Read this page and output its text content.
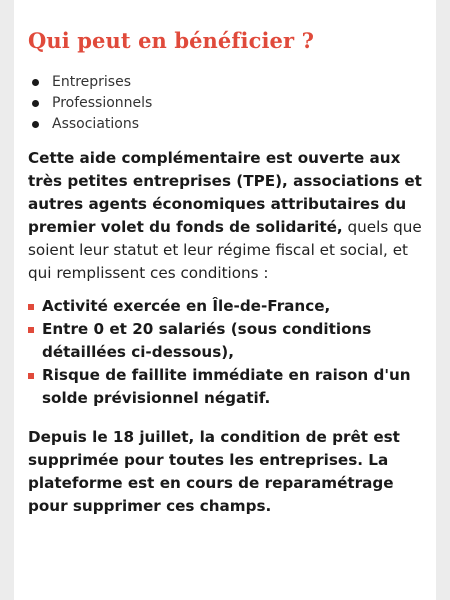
Qui peut en bénéficier ?
Entreprises
Professionnels
Associations

Cette aide complémentaire est ouverte aux très petites entreprises (TPE), associations et autres agents économiques attributaires du premier volet du fonds de solidarité, quels que soient leur statut et leur régime fiscal et social, et qui remplissent ces conditions :

Activité exercée en Île-de-France,
Entre 0 et 20 salariés (sous conditions détaillées ci-dessous),
Risque de faillite immédiate en raison d'un solde prévisionnel négatif.

Depuis le 18 juillet, la condition de prêt est supprimée pour toutes les entreprises. La plateforme est en cours de reparamétrage pour supprimer ces champs.
